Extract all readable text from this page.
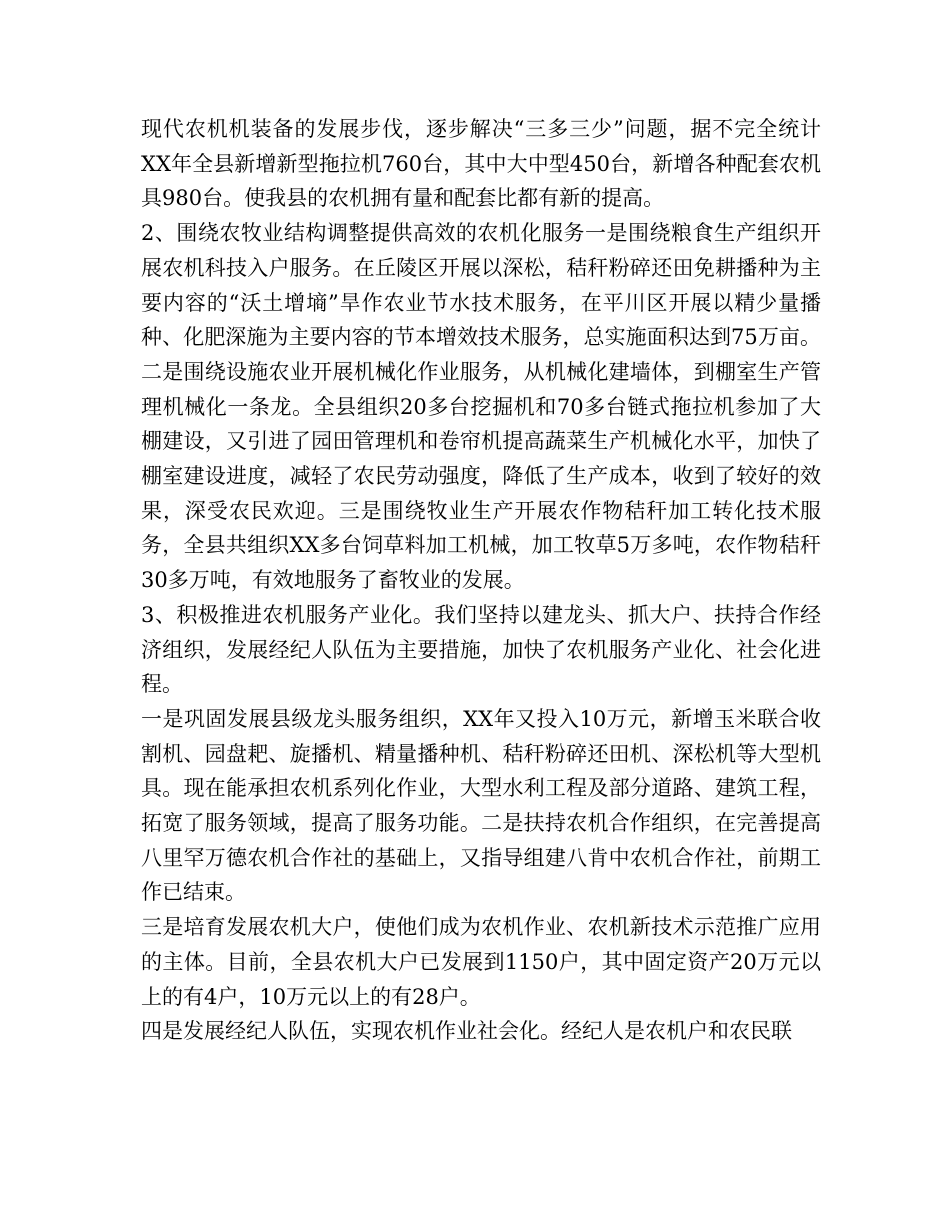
现代农机机装备的发展步伐，逐步解决“三多三少”问题，据不完全统计XX年全县新增新型拖拉机760台，其中大中型450台，新增各种配套农机具980台。使我县的农机拥有量和配套比都有新的提高。

2、围绕农牧业结构调整提供高效的农机化服务一是围绕粮食生产组织开展农机科技入户服务。在丘陵区开展以深松，秸秆粉碎还田免耕播种为主要内容的“沃土增墒”旱作农业节水技术服务，在平川区开展以精少量播种、化肥深施为主要内容的节本增效技术服务，总实施面积达到75万亩。二是围绕设施农业开展机械化作业服务，从机械化建墙体，到棚室生产管理机械化一条龙。全县组织20多台挖掘机和70多台链式拖拉机参加了大棚建设，又引进了园田管理机和卷帘机提高蔬菜生产机械化水平，加快了棚室建设进度，减轻了农民劳动强度，降低了生产成本，收到了较好的效果，深受农民欢迎。三是围绕牧业生产开展农作物秸秆加工转化技术服务，全县共组织XX多台饲草料加工机械，加工牧草5万多吨，农作物秸秆30多万吨，有效地服务了畜牧业的发展。

3、积极推进农机服务产业化。我们坚持以建龙头、抓大户、扶持合作经济组织，发展经纪人队伍为主要措施，加快了农机服务产业化、社会化进程。

一是巩固发展县级龙头服务组织，XX年又投入10万元，新增玉米联合收割机、园盘耙、旋播机、精量播种机、秸秆粉碎还田机、深松机等大型机具。现在能承担农机系列化作业，大型水利工程及部分道路、建筑工程，拓宽了服务领域，提高了服务功能。二是扶持农机合作组织，在完善提高八里罕万德农机合作社的基础上，又指导组建八肯中农机合作社，前期工作已结束。

三是培育发展农机大户，使他们成为农机作业、农机新技术示范推广应用的主体。目前，全县农机大户已发展到1150户，其中固定资产20万元以上的有4户，10万元以上的有28户。

四是发展经纪人队伍，实现农机作业社会化。经纪人是农机户和农民联
